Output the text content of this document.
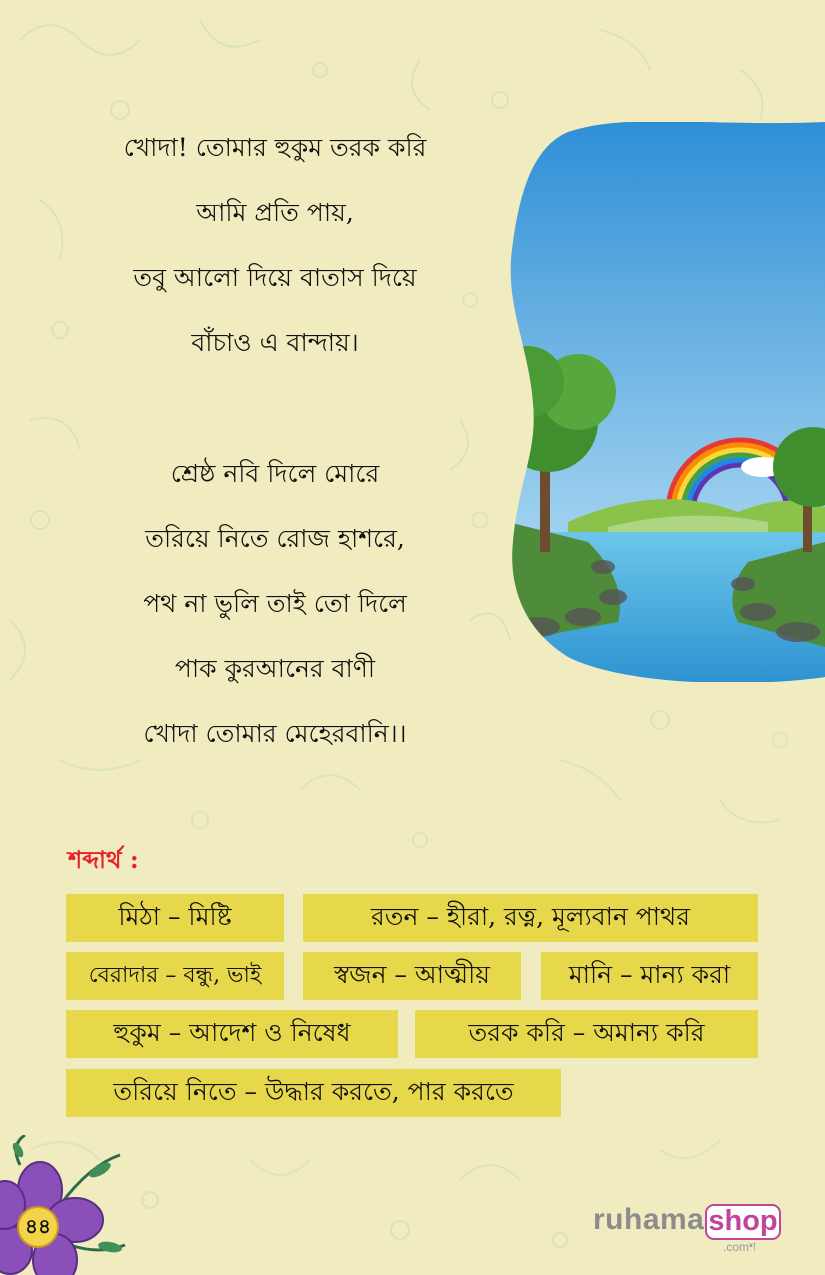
খোদা! তোমার হুকুম তরক করি
আমি প্রতি পায়,
তবু আলো দিয়ে বাতাস দিয়ে
বাঁচাও এ বান্দায়।
শ্রেষ্ঠ নবি দিলে মোরে
তরিয়ে নিতে রোজ হাশরে,
পথ না ভুলি তাই তো দিলে
পাক কুরআনের বাণী
খোদা তোমার মেহেরবানি।।
শব্দার্থ :
মিঠা – মিষ্টি	রতন – হীরা, রত্ন, মূল্যবান পাথর
বেরাদার – বন্ধু, ভাই	স্বজন – আত্মীয়	মানি – মান্য করা
হুকুম – আদেশ ও নিষেধ	তরক করি – অমান্য করি
তরিয়ে নিতে – উদ্ধার করতে, পার করতে
৪৪	ruhama shop
.comশ
